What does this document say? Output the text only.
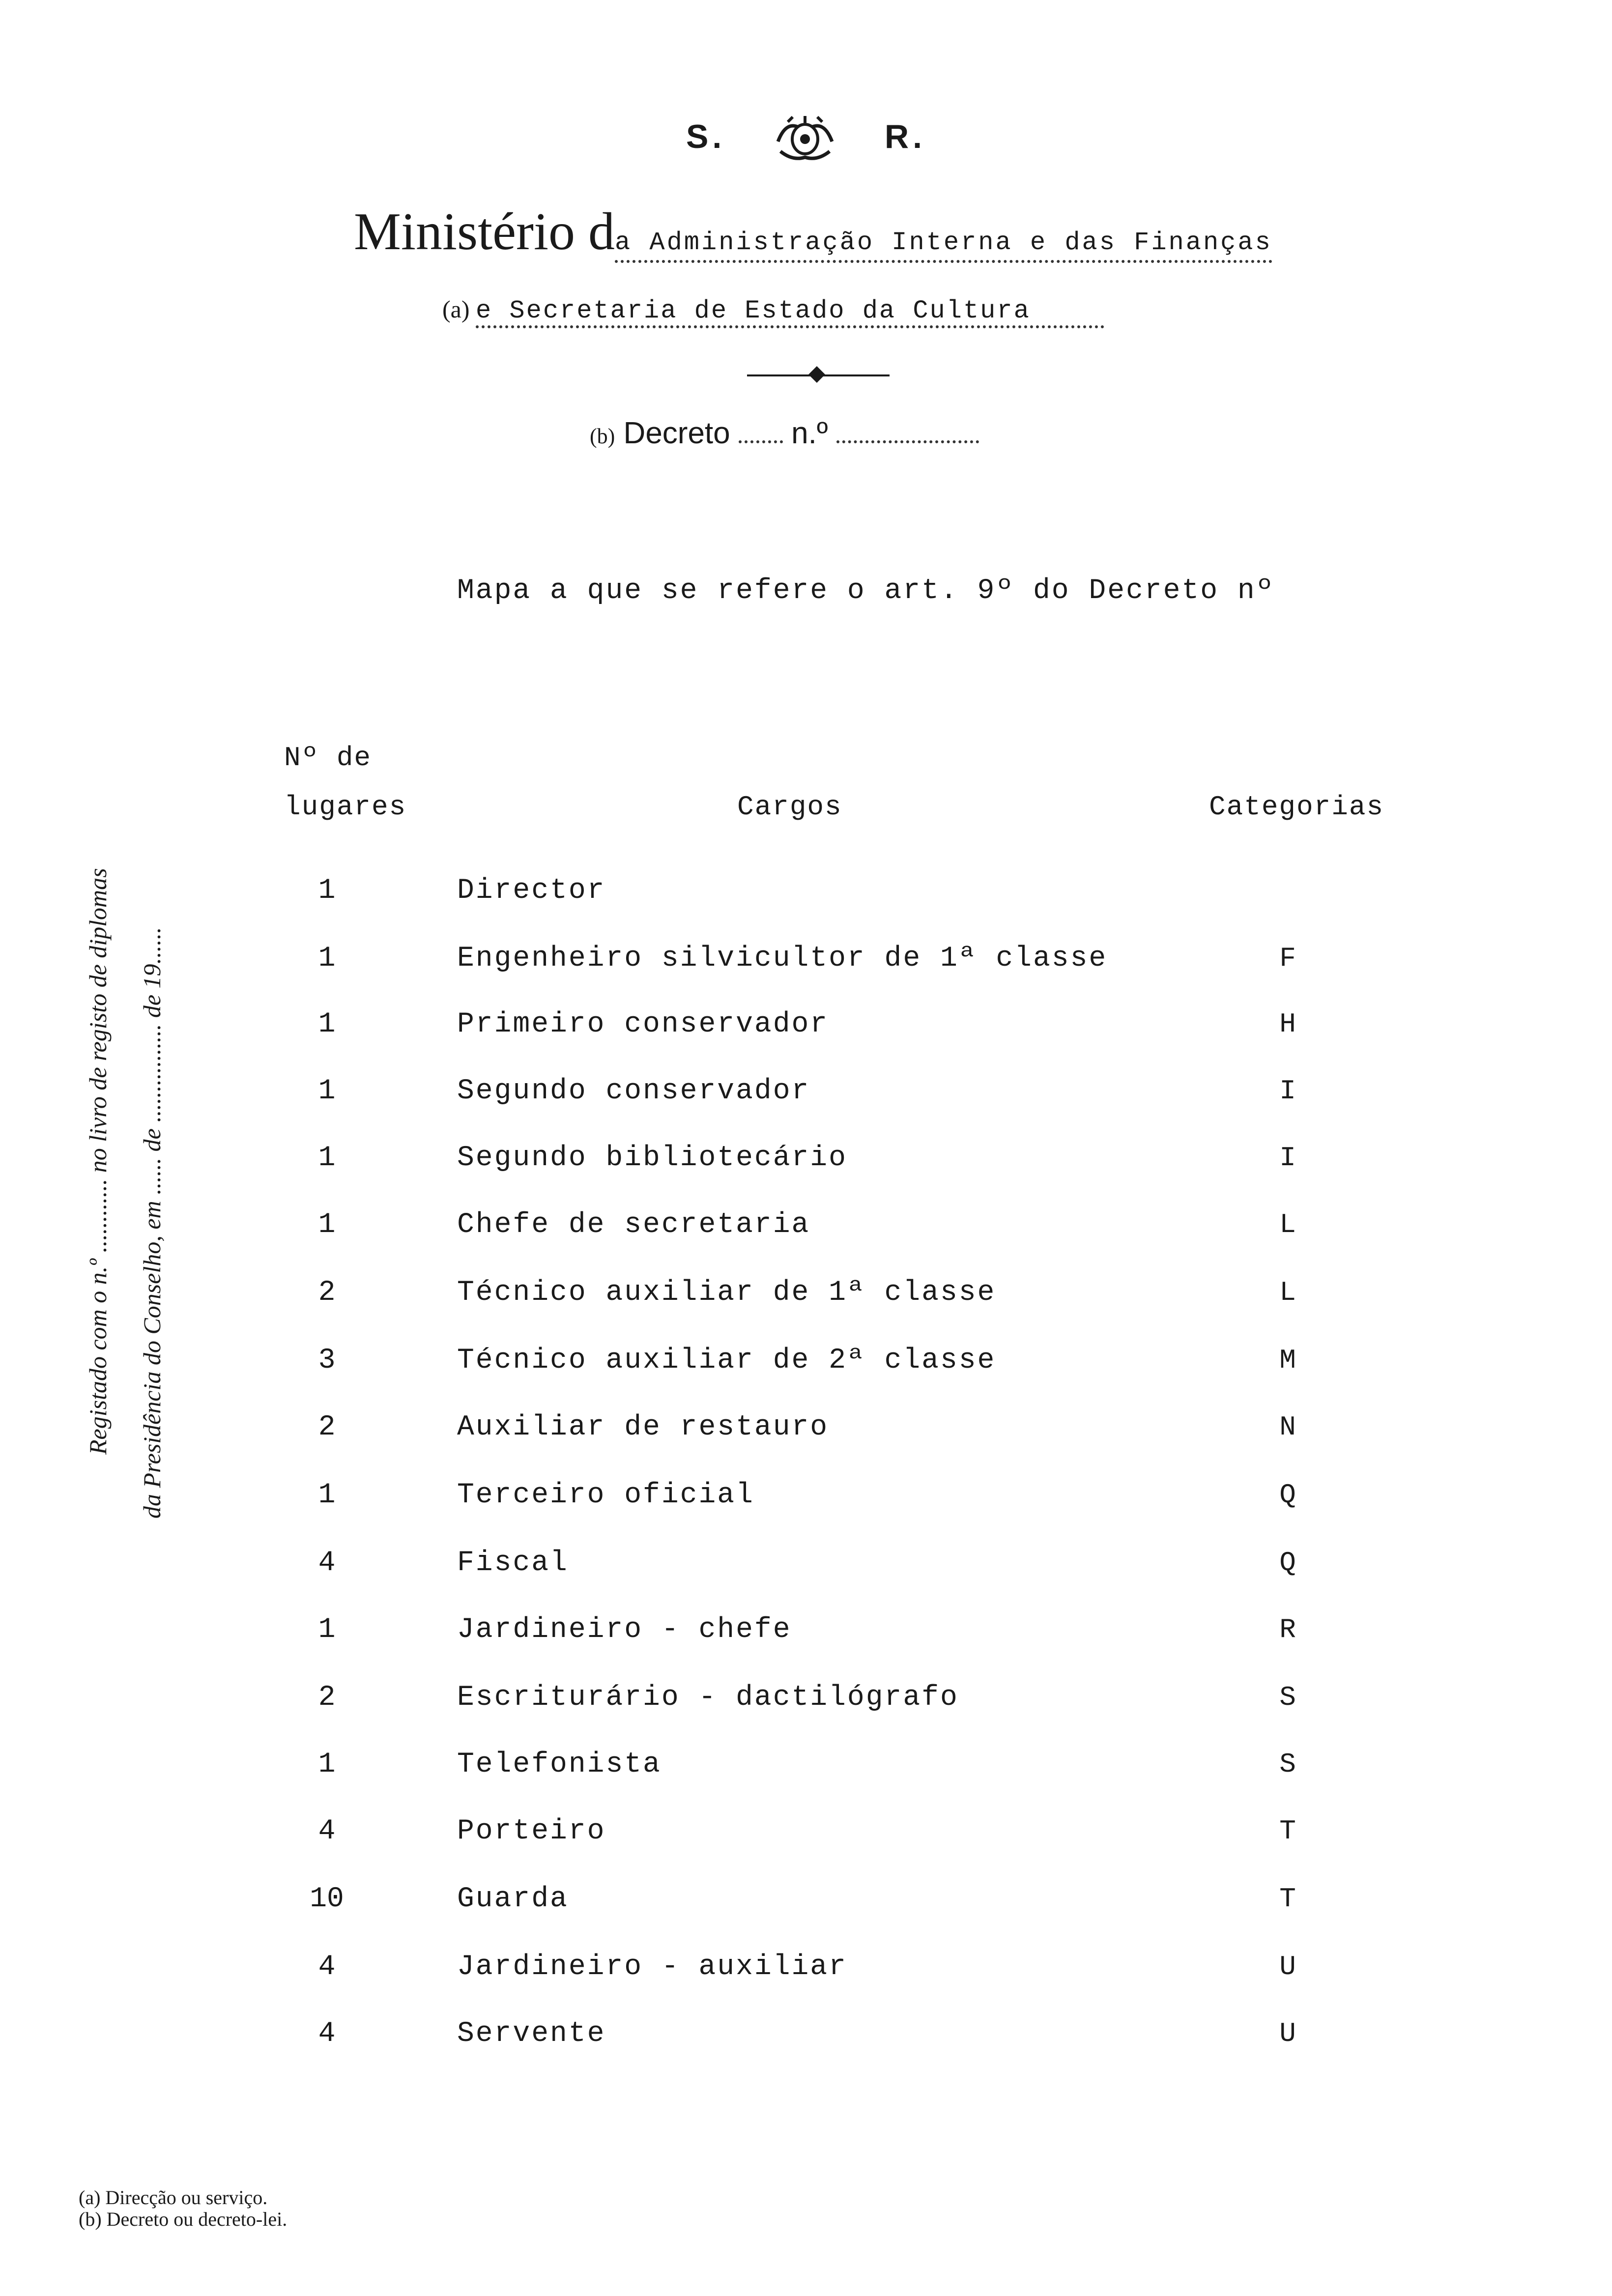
S.	R.
Ministério da Administração Interna e das Finanças
(a) e Secretaria de Estado da Cultura
(b) Decreto n.º
Mapa a que se refere o art. 9º do Decreto nº
Nº de
lugares	Cargos	Categorias
1	Director
1	Engenheiro silvicultor de 1ª classe	F
1	Primeiro conservador	H
1	Segundo conservador	I
1	Segundo bibliotecário	I
1	Chefe de secretaria	L
2	Técnico auxiliar de 1ª classe	L
3	Técnico auxiliar de 2ª classe	M
2	Auxiliar de restauro	N
1	Terceiro oficial	Q
4	Fiscal	Q
1	Jardineiro - chefe	R
2	Escriturário - dactilógrafo	S
1	Telefonista	S
4	Porteiro	T
10	Guarda	T
4	Jardineiro - auxiliar	U
4	Servente	U
Registado com o n.º ............ no livro de registo de diplomas da Presidência do Conselho, em ...... de ................ de 19......
(a) Direcção ou serviço.
(b) Decreto ou decreto-lei.
